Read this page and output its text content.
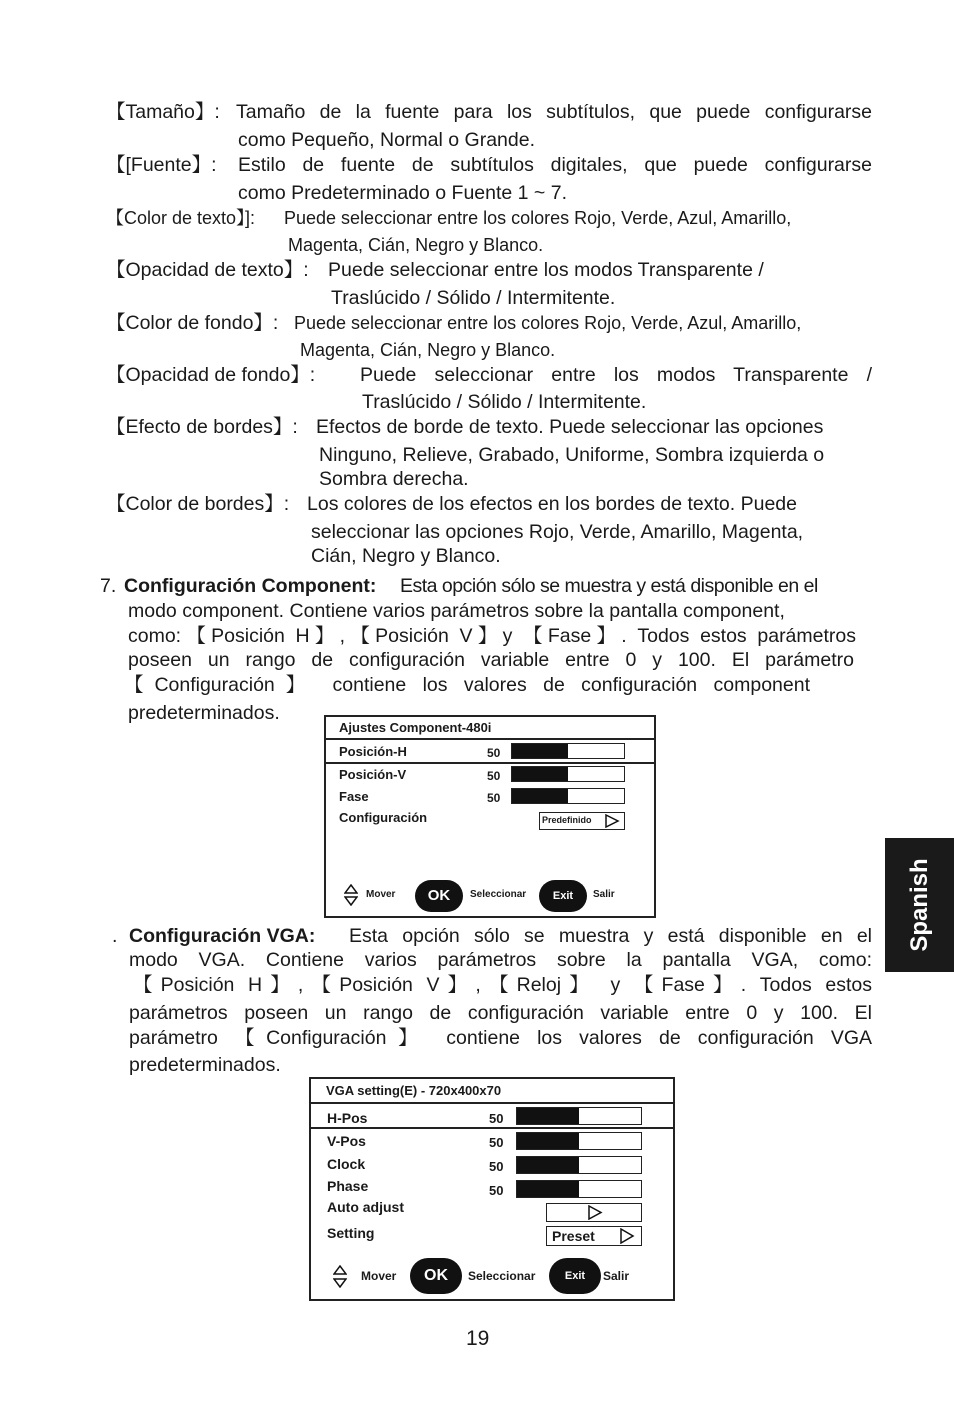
【Tamaño】: Tamaño de la fuente para los subtítulos, que puede configurarse
como Pequeño, Normal o Grande.
【[Fuente】: Estilo de fuente de subtítulos digitales, que puede configurarse
como Predeterminado o Fuente 1 ~ 7.
【Color de texto】]: Puede seleccionar entre los colores Rojo, Verde, Azul, Amarillo,
Magenta, Cián, Negro y Blanco.
【Opacidad de texto】: Puede seleccionar entre los modos Transparente /
Traslúcido / Sólido / Intermitente.
【Color de fondo】: Puede seleccionar entre los colores Rojo, Verde, Azul, Amarillo,
Magenta, Cián, Negro y Blanco.
【Opacidad de fondo】: Puede seleccionar entre los modos Transparente /
Traslúcido / Sólido / Intermitente.
【Efecto de bordes】: Efectos de borde de texto. Puede seleccionar las opciones
Ninguno, Relieve, Grabado, Uniforme, Sombra izquierda o
Sombra derecha.
【Color de bordes】: Los colores de los efectos en los bordes de texto. Puede
seleccionar las opciones Rojo, Verde, Amarillo, Magenta,
Cián, Negro y Blanco.
7. Configuración Component: Esta opción sólo se muestra y está disponible en el
modo component. Contiene varios parámetros sobre la pantalla component,
como:【Posición H】,【Posición V】y 【Fase】. Todos estos parámetros
poseen un rango de configuración variable entre 0 y 100. El parámetro
【Configuración】 contiene los valores de configuración component
predeterminados.
Ajustes Component-480i
Posición-H	50
Posición-V	50
Fase	50
Configuración	Predefinido
Mover	OK	Seleccionar	Exit	Salir	Spanish
. Configuración VGA: Esta opción sólo se muestra y está disponible en el
modo VGA. Contiene varios parámetros sobre la pantalla VGA, como:
【Posición H】,【Posición V】,【Reloj】 y 【Fase】. Todos estos
parámetros poseen un rango de configuración variable entre 0 y 100. El
parámetro 【Configuración】 contiene los valores de configuración VGA
predeterminados.
VGA setting(E) - 720x400x70
H-Pos	50
V-Pos	50
Clock	50
Phase	50
Auto adjust
Setting	Preset
Mover	OK	Seleccionar	Exit	Salir
19
